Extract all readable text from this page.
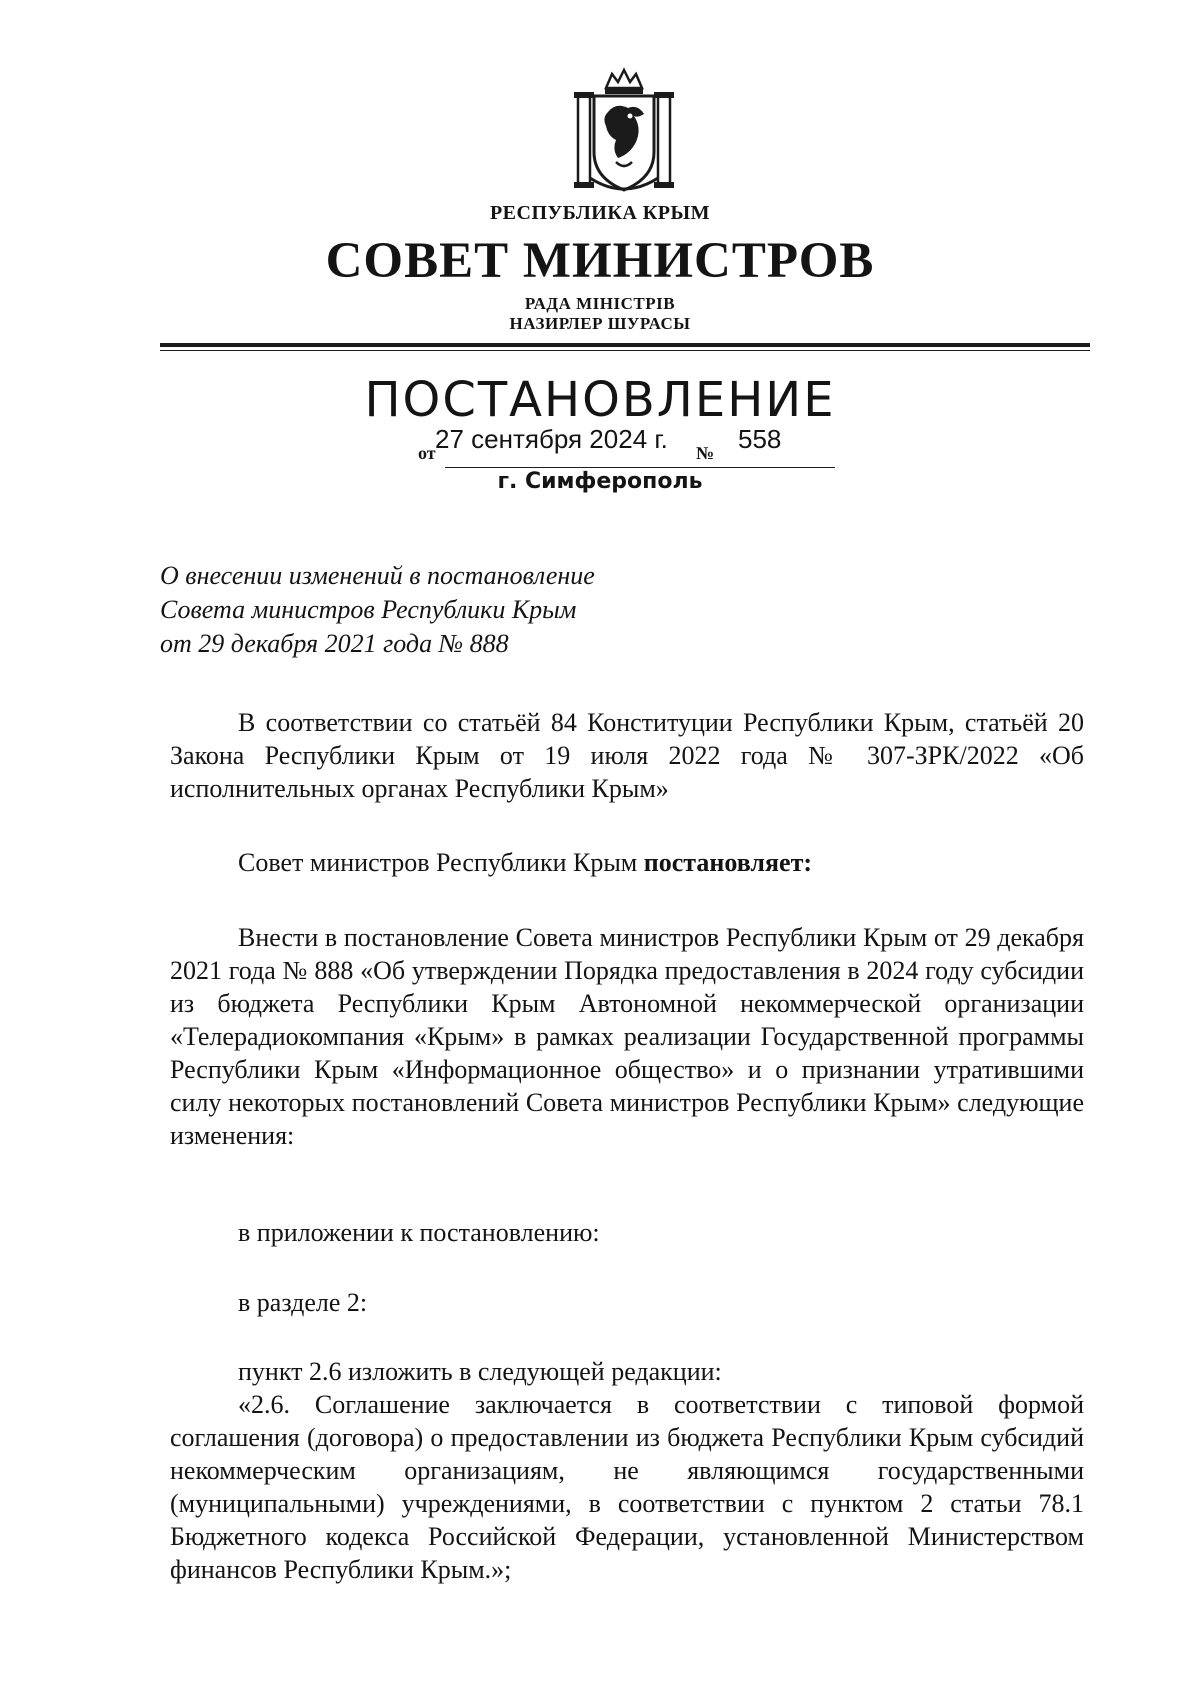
РЕСПУБЛИКА КРЫМ
СОВЕТ МИНИСТРОВ
РАДА МІНІСТРІВ
НАЗИРЛЕР ШУРАСЫ
ПОСТАНОВЛЕНИЕ
от 27 сентября 2024 г. № 558
г. Симферополь
О внесении изменений в постановление
Совета министров Республики Крым
от 29 декабря 2021 года № 888

В соответствии со статьёй 84 Конституции Республики Крым, статьёй 20 Закона Республики Крым от 19 июля 2022 года № 307-ЗРК/2022 «Об исполнительных органах Республики Крым»

Совет министров Республики Крым постановляет:

Внести в постановление Совета министров Республики Крым от 29 декабря 2021 года № 888 «Об утверждении Порядка предоставления в 2024 году субсидии из бюджета Республики Крым Автономной некоммерческой организации «Телерадиокомпания «Крым» в рамках реализации Государственной программы Республики Крым «Информационное общество» и о признании утратившими силу некоторых постановлений Совета министров Республики Крым» следующие изменения:

в приложении к постановлению:

в разделе 2:

пункт 2.6 изложить в следующей редакции:

«2.6. Соглашение заключается в соответствии с типовой формой соглашения (договора) о предоставлении из бюджета Республики Крым субсидий некоммерческим организациям, не являющимся государственными (муниципальными) учреждениями, в соответствии с пунктом 2 статьи 78.1 Бюджетного кодекса Российской Федерации, установленной Министерством финансов Республики Крым.»;
